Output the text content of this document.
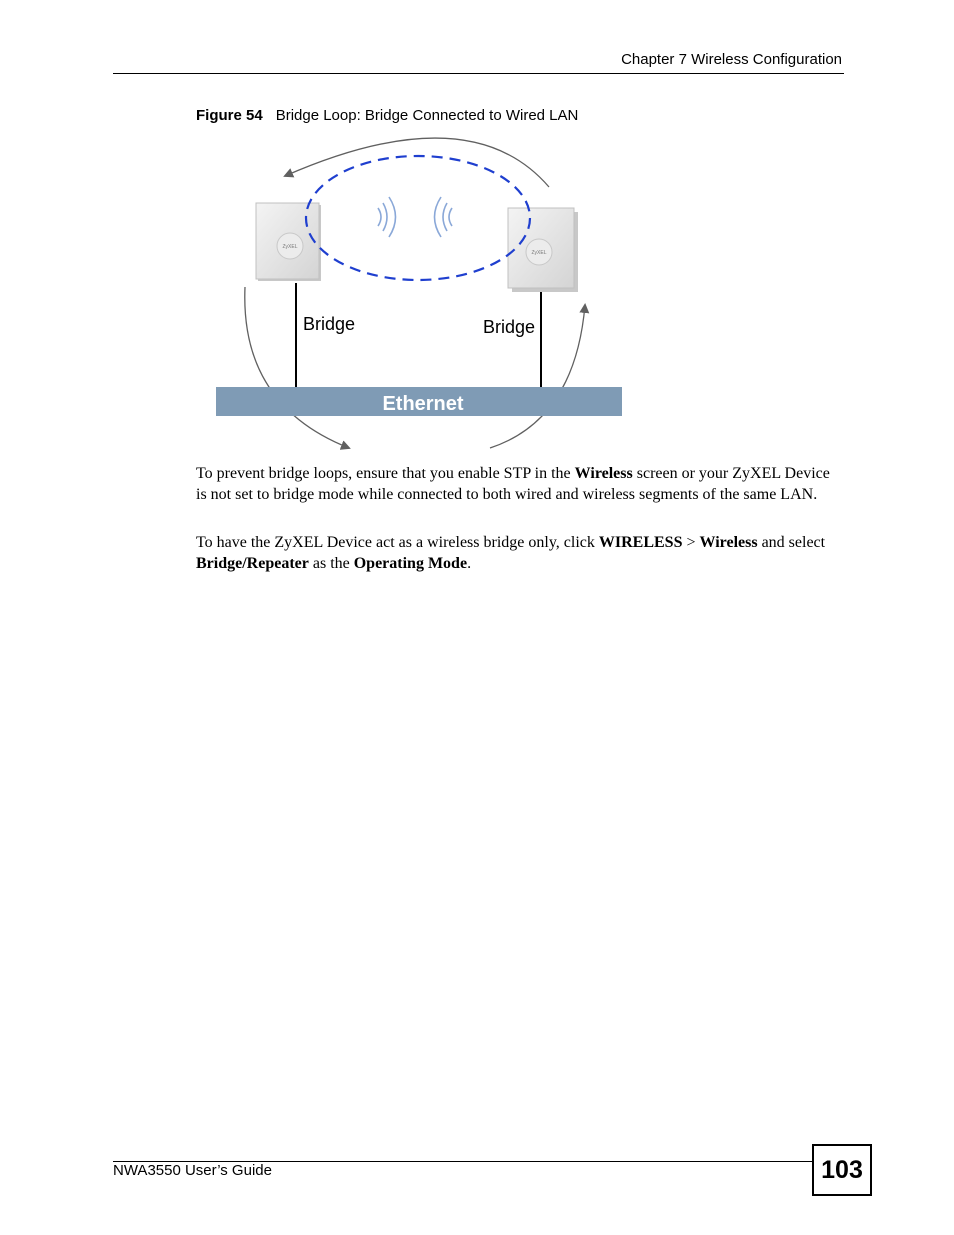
Chapter 7 Wireless Configuration
Figure 54 Bridge Loop: Bridge Connected to Wired LAN
ZyXEL
ZyXEL
Bridge	Bridge
Ethernet

To prevent bridge loops, ensure that you enable STP in the Wireless screen or your ZyXEL Device is not set to bridge mode while connected to both wired and wireless segments of the same LAN.

To have the ZyXEL Device act as a wireless bridge only, click WIRELESS > Wireless and select Bridge/Repeater as the Operating Mode.

NWA3550 User’s Guide	103
